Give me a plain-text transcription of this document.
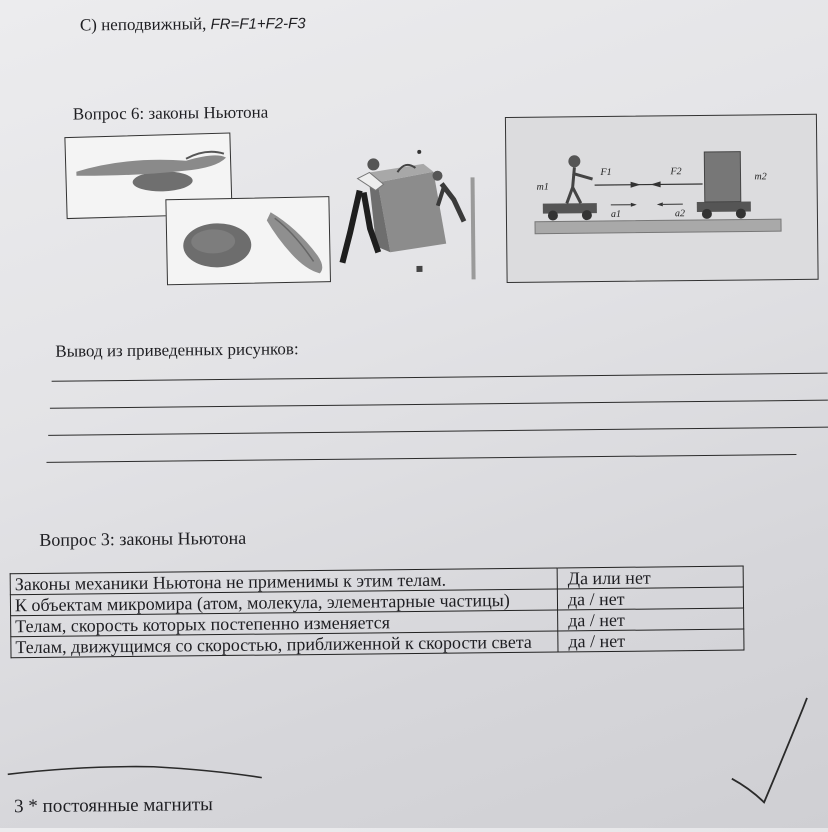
С) неподвижный, FR=F1+F2-F3
Вопрос 6: законы Ньютона
m1
m2
F1	F2
a1	a2
Вывод из приведенных рисунков:
Вопрос 3: законы Ньютона
Законы механики Ньютона не применимы к этим телам.	Да или нет
К объектам микромира (атом, молекула, элементарные частицы)	да / нет
Телам, скорость которых постепенно изменяется	да / нет
Телам, движущимся со скоростью, приближенной к скорости света	да / нет
3 * постоянные магниты
